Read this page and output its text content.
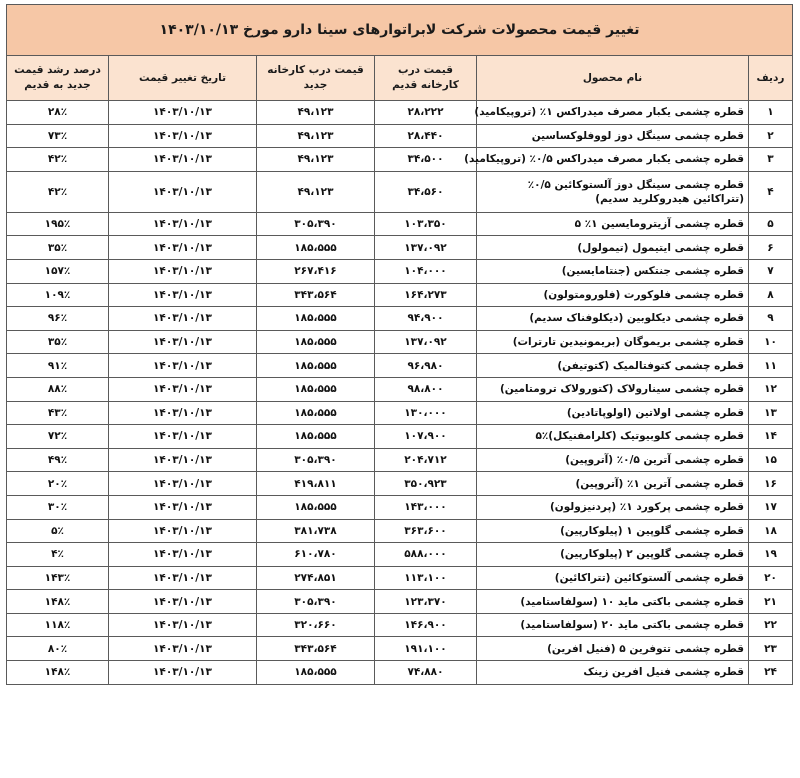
تغییر قیمت محصولات شرکت لابراتوارهای سینا دارو مورخ ۱۴۰۳/۱۰/۱۳					
ردیف	نام محصول	قیمت درب کارخانه قدیم	قیمت درب کارخانه جدید	تاریخ تغییر قیمت	درصد رشد قیمت جدید به قدیم
۱	قطره چشمی یکبار مصرف میدراکس ۱٪ (تروپیکامید)	۲۸،۲۲۲	۴۹،۱۲۳	۱۴۰۳/۱۰/۱۳	۲۸٪
۲	قطره چشمی سینگل دوز لووفلوکساسین	۲۸،۴۴۰	۴۹،۱۲۳	۱۴۰۳/۱۰/۱۳	۷۳٪
۳	قطره چشمی یکبار مصرف میدراکس ۰/۵٪ (تروپیکامید)	۳۴،۵۰۰	۴۹،۱۲۳	۱۴۰۳/۱۰/۱۳	۴۲٪
۴	قطره چشمی سینگل دوز آلستوکائین ۰/۵٪ (تتراکائین هیدروکلرید سدیم)	۳۴،۵۶۰	۴۹،۱۲۳	۱۴۰۳/۱۰/۱۳	۴۲٪
۵	قطره چشمی آزیترومایسین ۱٪ ۵	۱۰۳،۳۵۰	۳۰۵،۳۹۰	۱۴۰۳/۱۰/۱۳	۱۹۵٪
۶	قطره چشمی ایتیمول (تیمولول)	۱۳۷،۰۹۲	۱۸۵،۵۵۵	۱۴۰۳/۱۰/۱۳	۳۵٪
۷	قطره چشمی جنتکس (جنتامایسین)	۱۰۴،۰۰۰	۲۶۷،۴۱۶	۱۴۰۳/۱۰/۱۳	۱۵۷٪
۸	قطره چشمی فلوکورت (فلورومتولون)	۱۶۴،۲۷۳	۳۴۳،۵۶۴	۱۴۰۳/۱۰/۱۳	۱۰۹٪
۹	قطره چشمی دیکلوبین (دیکلوفناک سدیم)	۹۴،۹۰۰	۱۸۵،۵۵۵	۱۴۰۳/۱۰/۱۳	۹۶٪
۱۰	قطره چشمی بریموگان (بریمونیدین تارترات)	۱۳۷،۰۹۲	۱۸۵،۵۵۵	۱۴۰۳/۱۰/۱۳	۳۵٪
۱۱	قطره چشمی کتوفتالمیک (کتوتیفن)	۹۶،۹۸۰	۱۸۵،۵۵۵	۱۴۰۳/۱۰/۱۳	۹۱٪
۱۲	قطره چشمی سینارولاک (کتورولاک ترومتامین)	۹۸،۸۰۰	۱۸۵،۵۵۵	۱۴۰۳/۱۰/۱۳	۸۸٪
۱۳	قطره چشمی اولاتین (اولوپاتادین)	۱۳۰،۰۰۰	۱۸۵،۵۵۵	۱۴۰۳/۱۰/۱۳	۴۳٪
۱۴	قطره چشمی کلوبیوتیک (کلرامفنیکل)٪۵	۱۰۷،۹۰۰	۱۸۵،۵۵۵	۱۴۰۳/۱۰/۱۳	۷۲٪
۱۵	قطره چشمی آترین ۰/۵٪ (آتروپین)	۲۰۴،۷۱۲	۳۰۵،۳۹۰	۱۴۰۳/۱۰/۱۳	۴۹٪
۱۶	قطره چشمی آترین ۱٪ (آتروپین)	۳۵۰،۹۲۳	۴۱۹،۸۱۱	۱۴۰۳/۱۰/۱۳	۲۰٪
۱۷	قطره چشمی پرکورد ۱٪ (پردنیزولون)	۱۴۳،۰۰۰	۱۸۵،۵۵۵	۱۴۰۳/۱۰/۱۳	۳۰٪
۱۸	قطره چشمی گلوپین ۱ (پیلوکارپین)	۳۶۳،۶۰۰	۳۸۱،۷۳۸	۱۴۰۳/۱۰/۱۳	۵٪
۱۹	قطره چشمی گلوپین ۲ (پیلوکارپین)	۵۸۸،۰۰۰	۶۱۰،۷۸۰	۱۴۰۳/۱۰/۱۳	۴٪
۲۰	قطره چشمی آلستوکائین (تتراکائین)	۱۱۳،۱۰۰	۲۷۴،۸۵۱	۱۴۰۳/۱۰/۱۳	۱۴۳٪
۲۱	قطره چشمی باکتی ماید ۱۰ (سولفاستامید)	۱۲۳،۳۷۰	۳۰۵،۳۹۰	۱۴۰۳/۱۰/۱۳	۱۴۸٪
۲۲	قطره چشمی باکتی ماید ۲۰ (سولفاستامید)	۱۴۶،۹۰۰	۳۲۰،۶۶۰	۱۴۰۳/۱۰/۱۳	۱۱۸٪
۲۳	قطره چشمی تتوفرین ۵ (فنیل افرین)	۱۹۱،۱۰۰	۳۴۳،۵۶۴	۱۴۰۳/۱۰/۱۳	۸۰٪
۲۴	قطره چشمی فنیل افرین زینک	۷۴،۸۸۰	۱۸۵،۵۵۵	۱۴۰۳/۱۰/۱۳	۱۴۸٪
